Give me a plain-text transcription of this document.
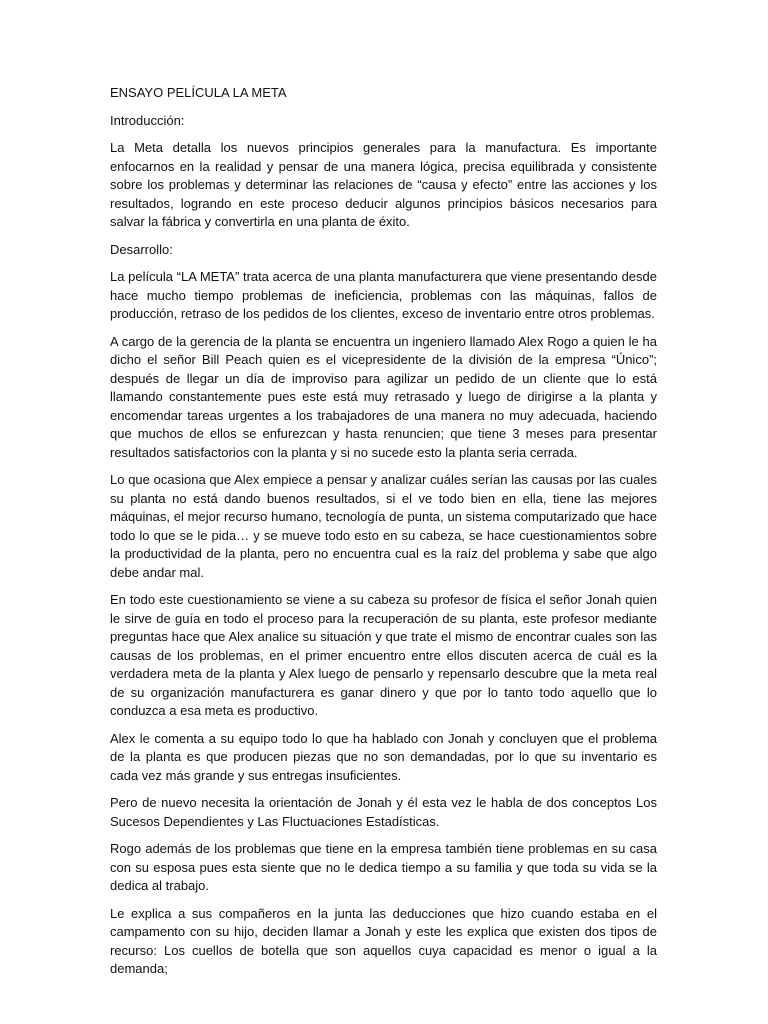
ENSAYO PELÍCULA LA META

Introducción:

La Meta detalla los nuevos principios generales para la manufactura. Es importante enfocarnos en la realidad y pensar de una manera lógica, precisa equilibrada y consistente sobre los problemas y determinar las relaciones de “causa y efecto” entre las acciones y los resultados, logrando en este proceso deducir algunos principios básicos necesarios para salvar la fábrica y convertirla en una planta de éxito.

Desarrollo:

La película “LA META” trata acerca de una planta manufacturera que viene presentando desde hace mucho tiempo problemas de ineficiencia, problemas con las máquinas, fallos de producción, retraso de los pedidos de los clientes, exceso de inventario entre otros problemas.

A cargo de la gerencia de la planta se encuentra un ingeniero llamado Alex Rogo a quien le ha dicho el señor Bill Peach quien es el vicepresidente de la división de la empresa “Único”; después de llegar un día de improviso para agilizar un pedido de un cliente que lo está llamando constantemente pues este está muy retrasado y luego de dirigirse a la planta y encomendar tareas urgentes a los trabajadores de una manera no muy adecuada, haciendo que muchos de ellos se enfurezcan y hasta renuncien; que tiene 3 meses para presentar resultados satisfactorios con la planta y si no sucede esto la planta seria cerrada.

Lo que ocasiona que Alex empiece a pensar y analizar cuáles serían las causas por las cuales su planta no está dando buenos resultados, si el ve todo bien en ella, tiene las mejores máquinas, el mejor recurso humano, tecnología de punta, un sistema computarizado que hace todo lo que se le pida… y se mueve todo esto en su cabeza, se hace cuestionamientos sobre la productividad de la planta, pero no encuentra cual es la raíz del problema y sabe que algo debe andar mal.

En todo este cuestionamiento se viene a su cabeza su profesor de física el señor Jonah quien le sirve de guía en todo el proceso para la recuperación de su planta, este profesor mediante preguntas hace que Alex analice su situación y que trate el mismo de encontrar cuales son las causas de los problemas, en el primer encuentro entre ellos discuten acerca de cuál es la verdadera meta de la planta y Alex luego de pensarlo y repensarlo descubre que la meta real de su organización manufacturera es ganar dinero y que por lo tanto todo aquello que lo conduzca a esa meta es productivo.

Alex le comenta a su equipo todo lo que ha hablado con Jonah y concluyen que el problema de la planta es que producen piezas que no son demandadas, por lo que su inventario es cada vez más grande y sus entregas insuficientes.

Pero de nuevo necesita la orientación de Jonah y él esta vez le habla de dos conceptos Los Sucesos Dependientes y Las Fluctuaciones Estadísticas.

Rogo además de los problemas que tiene en la empresa también tiene problemas en su casa con su esposa pues esta siente que no le dedica tiempo a su familia y que toda su vida se la dedica al trabajo.

Le explica a sus compañeros en la junta las deducciones que hizo cuando estaba en el campamento con su hijo, deciden llamar a Jonah y este les explica que existen dos tipos de recurso: Los cuellos de botella que son aquellos cuya capacidad es menor o igual a la demanda;
